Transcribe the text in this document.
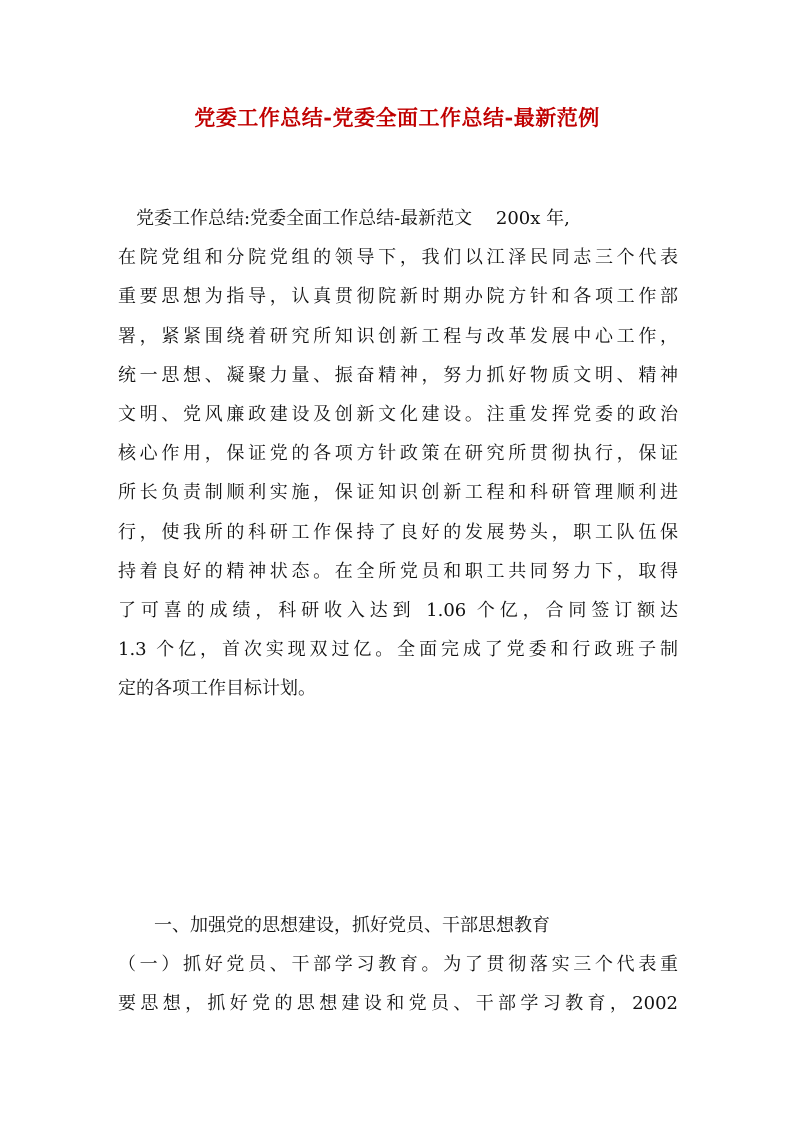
党委工作总结-党委全面工作总结-最新范例
　党委工作总结:党委全面工作总结-最新范文　 200x 年,
在院党组和分院党组的领导下，我们以江泽民同志三个代表
重要思想为指导，认真贯彻院新时期办院方针和各项工作部
署，紧紧围绕着研究所知识创新工程与改革发展中心工作，
统一思想、凝聚力量、振奋精神，努力抓好物质文明、精神
文明、党风廉政建设及创新文化建设。注重发挥党委的政治
核心作用，保证党的各项方针政策在研究所贯彻执行，保证
所长负责制顺利实施，保证知识创新工程和科研管理顺利进
行，使我所的科研工作保持了良好的发展势头，职工队伍保
持着良好的精神状态。在全所党员和职工共同努力下，取得
了可喜的成绩，科研收入达到 1.06 个亿，合同签订额达
1.3 个亿，首次实现双过亿。全面完成了党委和行政班子制
定的各项工作目标计划。
　　一、加强党的思想建设，抓好党员、干部思想教育
（一）抓好党员、干部学习教育。为了贯彻落实三个代表重
要思想，抓好党的思想建设和党员、干部学习教育，2002
